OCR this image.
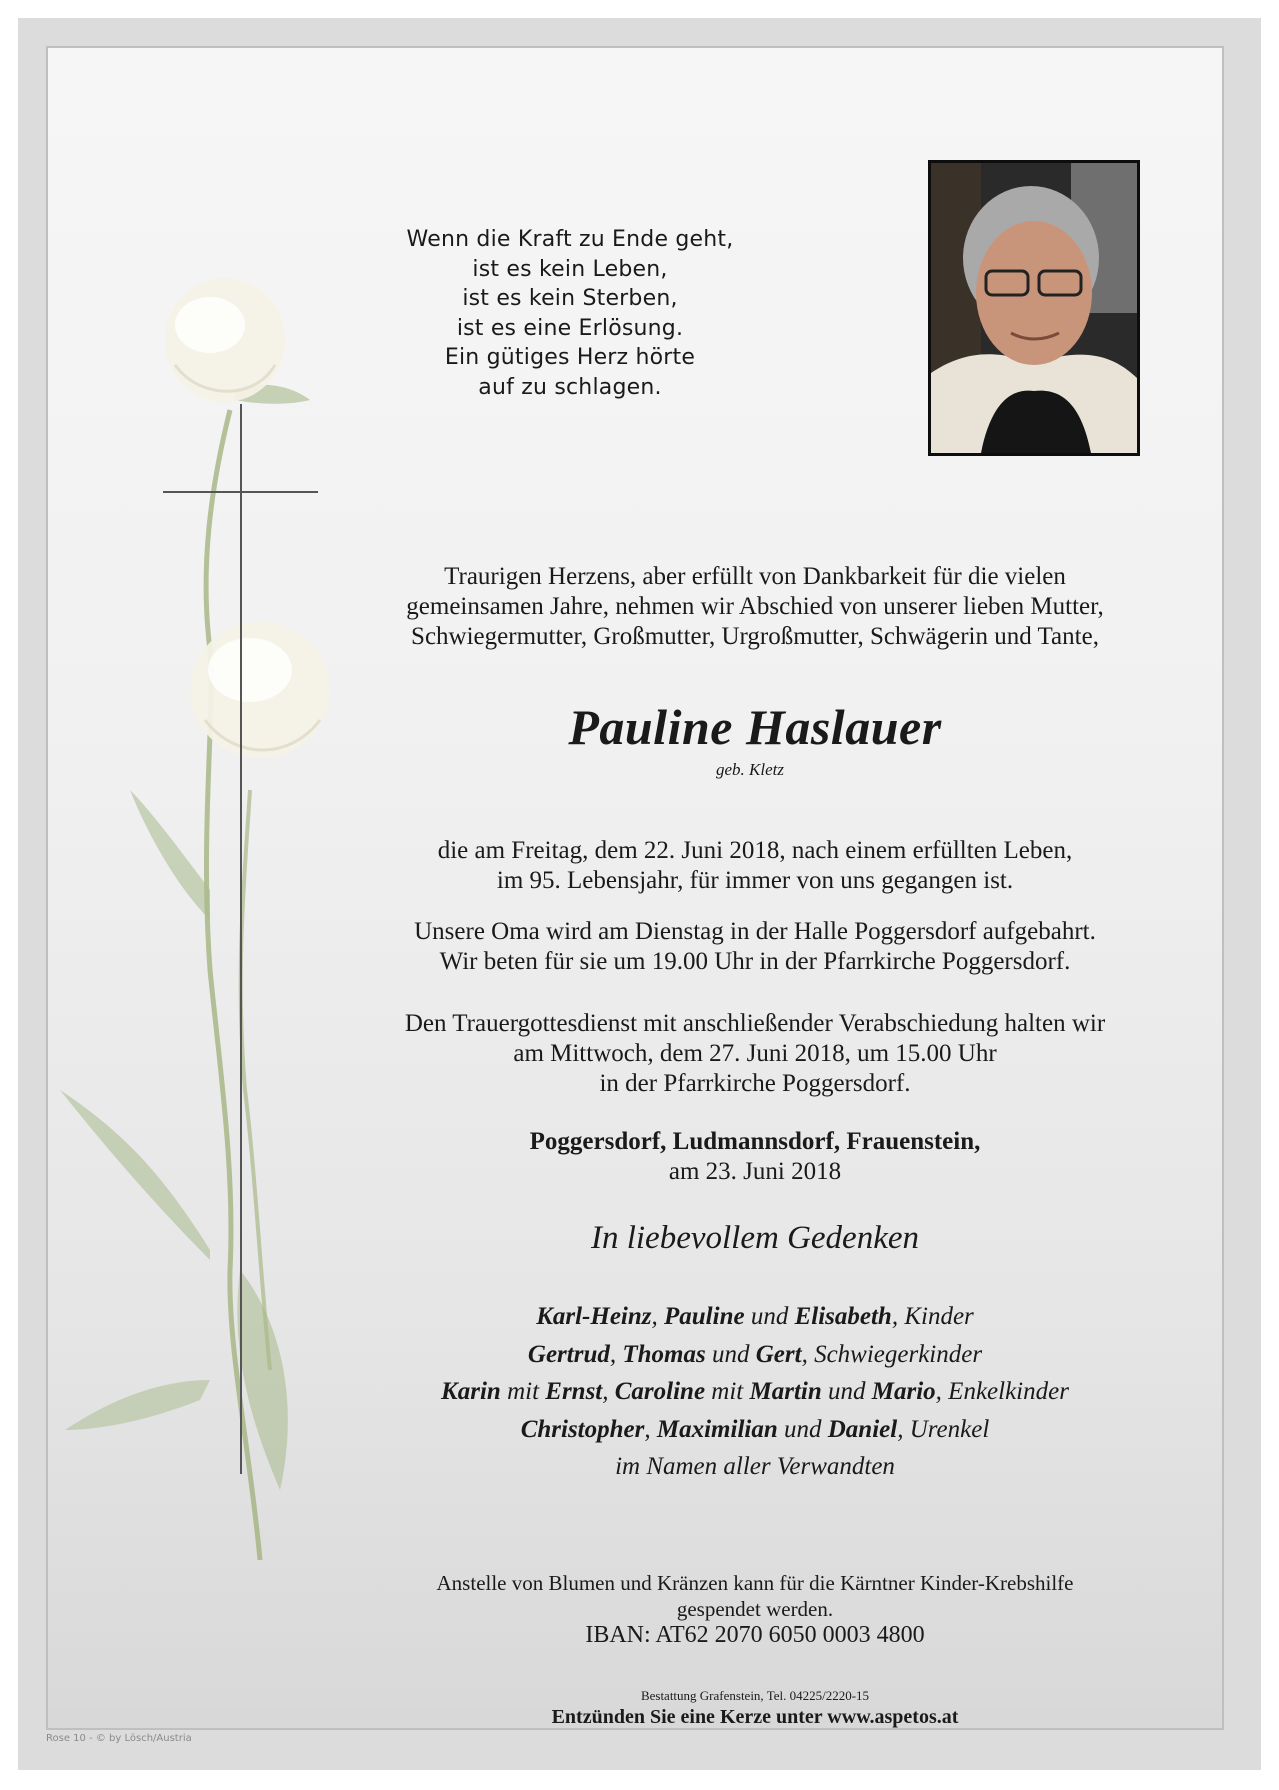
Wenn die Kraft zu Ende geht,
ist es kein Leben,
ist es kein Sterben,
ist es eine Erlösung.
Ein gütiges Herz hörte
auf zu schlagen.
Traurigen Herzens, aber erfüllt von Dankbarkeit für die vielen
gemeinsamen Jahre, nehmen wir Abschied von unserer lieben Mutter,
Schwiegermutter, Großmutter, Urgroßmutter, Schwägerin und Tante,
Pauline Haslauer
geb. Kletz
die am Freitag, dem 22. Juni 2018, nach einem erfüllten Leben,
im 95. Lebensjahr, für immer von uns gegangen ist.
Unsere Oma wird am Dienstag in der Halle Poggersdorf aufgebahrt.
Wir beten für sie um 19.00 Uhr in der Pfarrkirche Poggersdorf.
Den Trauergottesdienst mit anschließender Verabschiedung halten wir
am Mittwoch, dem 27. Juni 2018, um 15.00 Uhr
in der Pfarrkirche Poggersdorf.
Poggersdorf, Ludmannsdorf, Frauenstein,
am 23. Juni 2018
In liebevollem Gedenken
Karl-Heinz, Pauline und Elisabeth, Kinder
Gertrud, Thomas und Gert, Schwiegerkinder
Karin mit Ernst, Caroline mit Martin und Mario, Enkelkinder
Christopher, Maximilian und Daniel, Urenkel
im Namen aller Verwandten
Anstelle von Blumen und Kränzen kann für die Kärntner Kinder-Krebshilfe
gespendet werden.
IBAN: AT62 2070 6050 0003 4800
Bestattung Grafenstein, Tel. 04225/2220-15
Entzünden Sie eine Kerze unter www.aspetos.at
Rose 10 - © by Lösch/Austria
